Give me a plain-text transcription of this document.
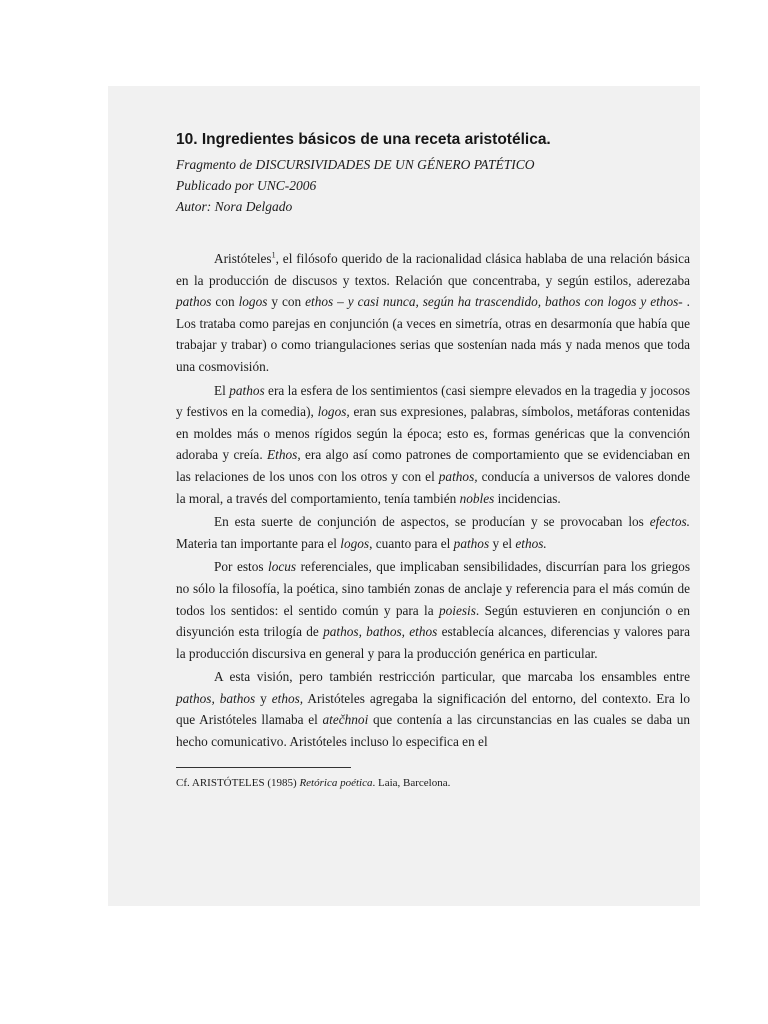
10. Ingredientes básicos de una receta aristotélica.
Fragmento de DISCURSIVIDADES DE UN GÉNERO PATÉTICO
Publicado por UNC-2006
Autor: Nora Delgado

Aristóteles$^1$, el filósofo querido de la racionalidad clásica hablaba de una relación básica en la producción de discusos y textos. Relación que concentraba, y según estilos, aderezaba pathos con logos y con ethos – y casi nunca, según ha trascendido, bathos con logos y ethos- . Los trataba como parejas en conjunción (a veces en simetría, otras en desarmonía que había que trabajar y trabar) o como triangulaciones serias que sostenían nada más y nada menos que toda una cosmovisión.

El pathos era la esfera de los sentimientos (casi siempre elevados en la tragedia y jocosos y festivos en la comedia), logos, eran sus expresiones, palabras, símbolos, metáforas contenidas en moldes más o menos rígidos según la época; esto es, formas genéricas que la convención adoraba y creía. Ethos, era algo así como patrones de comportamiento que se evidenciaban en las relaciones de los unos con los otros y con el pathos, conducía a universos de valores donde la moral, a través del comportamiento, tenía también nobles incidencias.

En esta suerte de conjunción de aspectos, se producían y se provocaban los efectos. Materia tan importante para el logos, cuanto para el pathos y el ethos.

Por estos locus referenciales, que implicaban sensibilidades, discurrían para los griegos no sólo la filosofía, la poética, sino también zonas de anclaje y referencia para el más común de todos los sentidos: el sentido común y para la poiesis. Según estuvieren en conjunción o en disyunción esta trilogía de pathos, bathos, ethos establecía alcances, diferencias y valores para la producción discursiva en general y para la producción genérica en particular.

A esta visión, pero también restricción particular, que marcaba los ensambles entre pathos, bathos y ethos, Aristóteles agregaba la significación del entorno, del contexto. Era lo que Aristóteles llamaba el atečhnoi que contenía a las circunstancias en las cuales se daba un hecho comunicativo. Aristóteles incluso lo especifica en el

Cf. ARISTÓTELES (1985) Retórica poética. Laia, Barcelona.
